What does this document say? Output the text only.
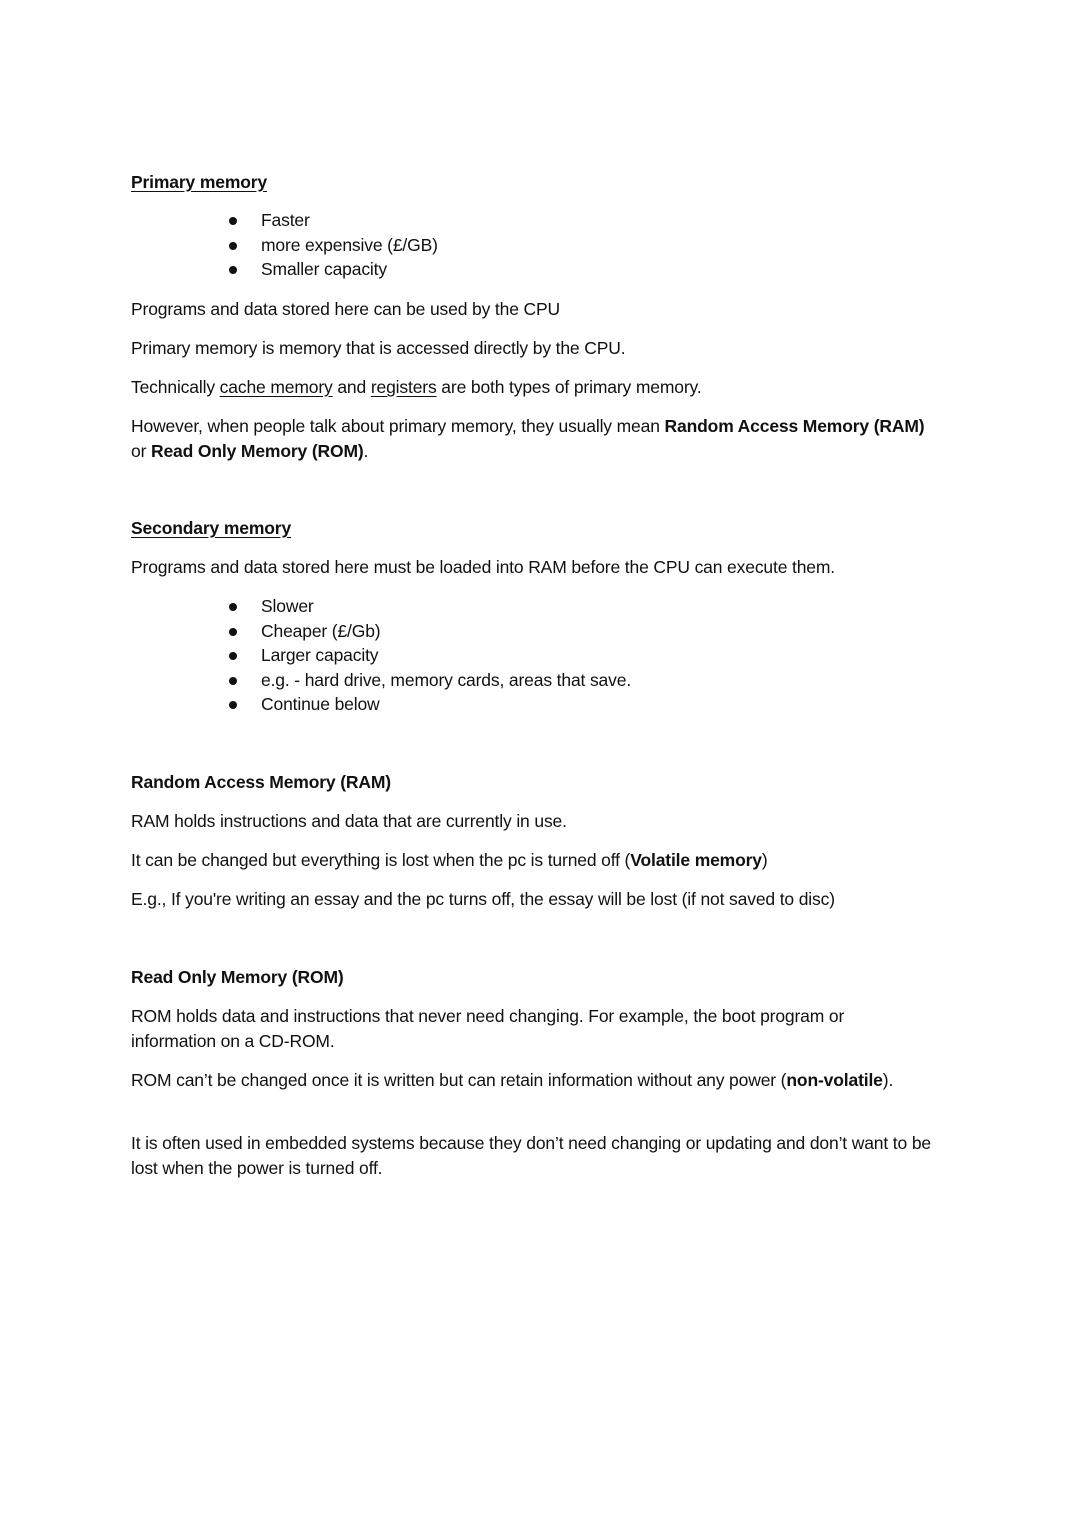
Primary memory
Faster
more expensive (£/GB)
Smaller capacity
Programs and data stored here can be used by the CPU
Primary memory is memory that is accessed directly by the CPU.
Technically cache memory and registers are both types of primary memory.
However, when people talk about primary memory, they usually mean Random Access Memory (RAM) or Read Only Memory (ROM).
Secondary memory
Programs and data stored here must be loaded into RAM before the CPU can execute them.
Slower
Cheaper (£/Gb)
Larger capacity
e.g. - hard drive, memory cards, areas that save.
Continue below
Random Access Memory (RAM)
RAM holds instructions and data that are currently in use.
It can be changed but everything is lost when the pc is turned off (Volatile memory)
E.g., If you're writing an essay and the pc turns off, the essay will be lost (if not saved to disc)
Read Only Memory (ROM)
ROM holds data and instructions that never need changing. For example, the boot program or information on a CD-ROM.
ROM can’t be changed once it is written but can retain information without any power (non-volatile).
It is often used in embedded systems because they don’t need changing or updating and don’t want to be lost when the power is turned off.
